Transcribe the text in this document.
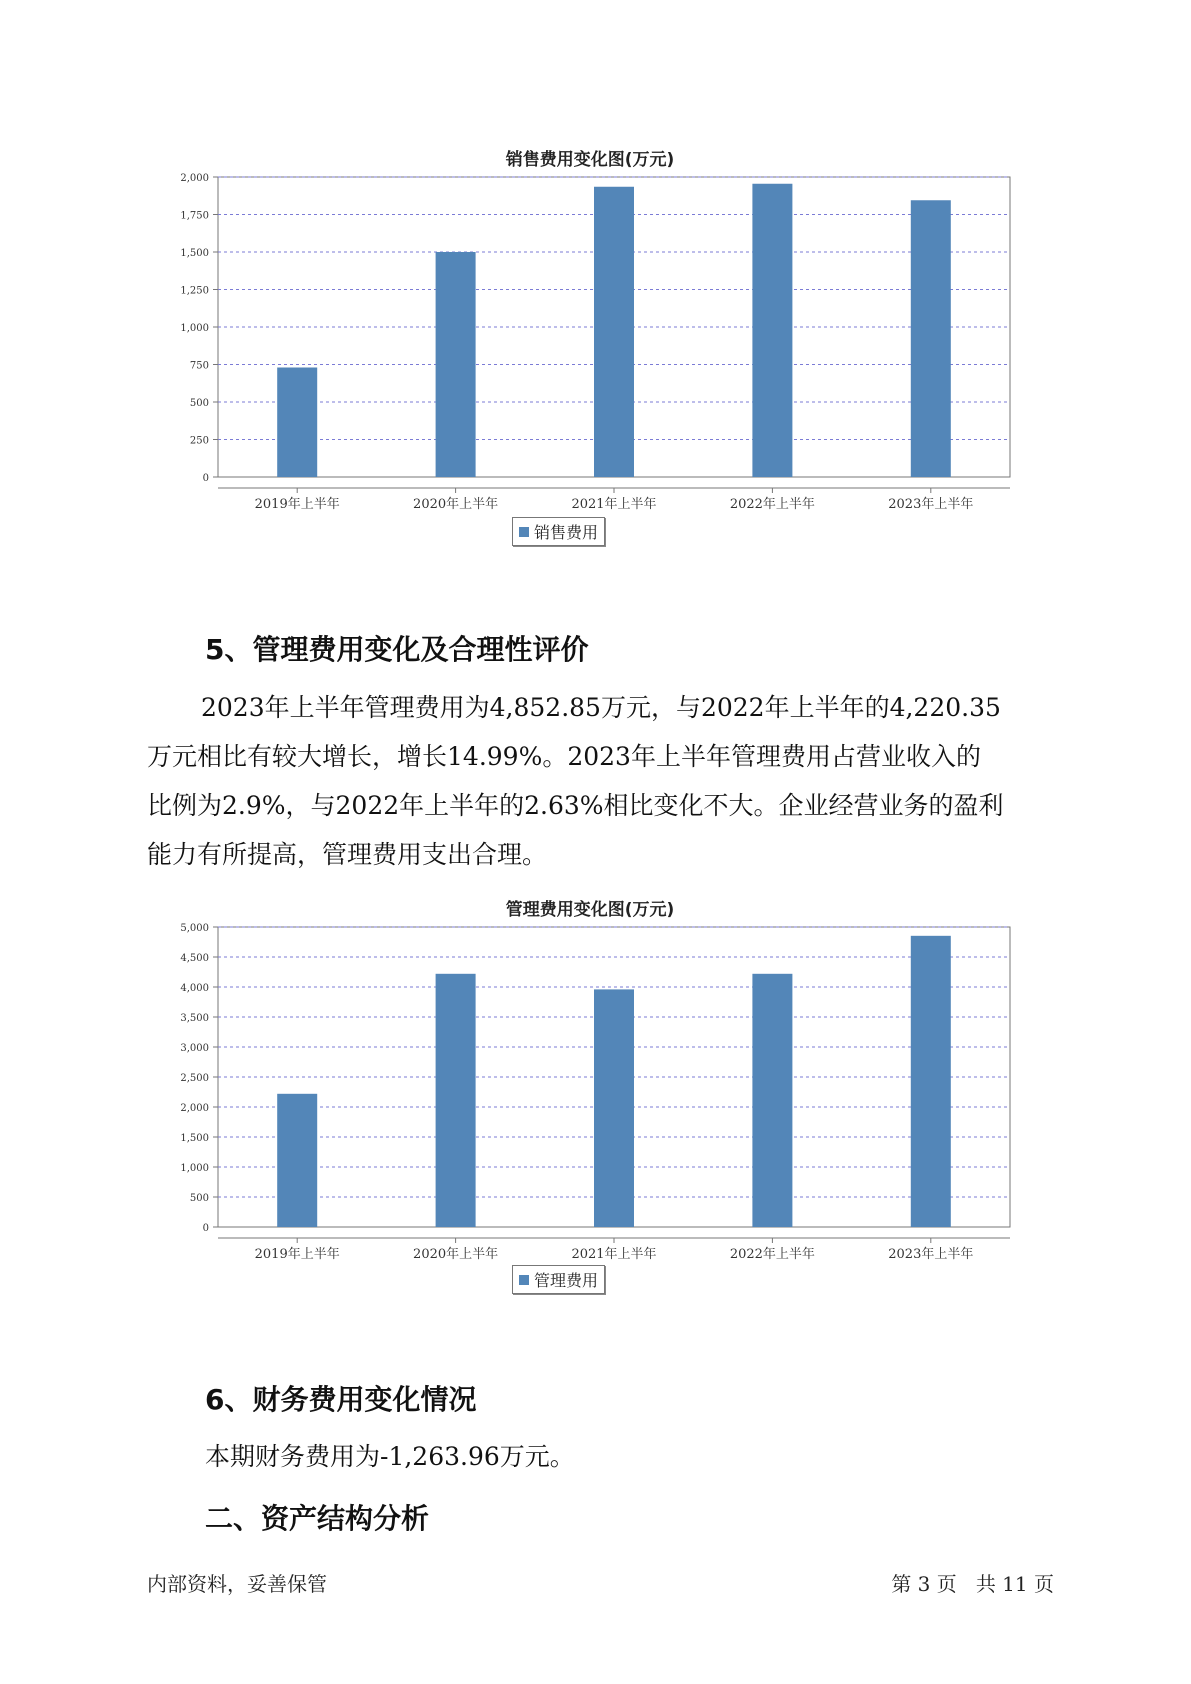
销售费用变化图(万元)
0
250
500
750
1,000
1,250
1,500
1,750
2,000
2019年上半年	2020年上半年	2021年上半年	2022年上半年	2023年上半年
销售费用
5、管理费用变化及合理性评价

2023年上半年管理费用为4,852.85万元，与2022年上半年的4,220.35

万元相比有较大增长，增长14.99%。2023年上半年管理费用占营业收入的

比例为2.9%，与2022年上半年的2.63%相比变化不大。企业经营业务的盈利

能力有所提高，管理费用支出合理。

管理费用变化图(万元)
0
500
1,000
1,500
2,000
2,500
3,000
3,500
4,000
4,500
5,000
2019年上半年	2020年上半年	2021年上半年	2022年上半年	2023年上半年
管理费用
6、财务费用变化情况

本期财务费用为-1,263.96万元。

二、资产结构分析
内部资料，妥善保管	第 3 页   共 11 页
